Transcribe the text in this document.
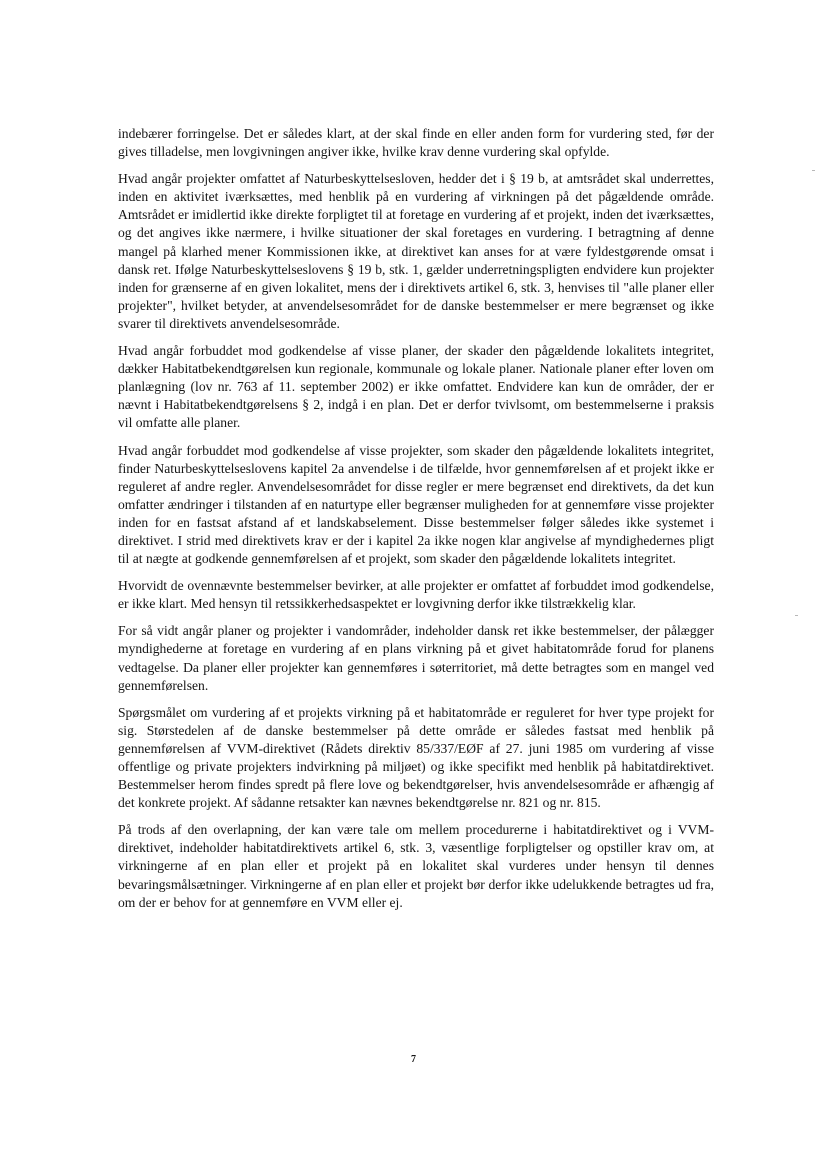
indebærer forringelse. Det er således klart, at der skal finde en eller anden form for vurdering sted, før der gives tilladelse, men lovgivningen angiver ikke, hvilke krav denne vurdering skal opfylde.

Hvad angår projekter omfattet af Naturbeskyttelsesloven, hedder det i § 19 b, at amtsrådet skal underrettes, inden en aktivitet iværksættes, med henblik på en vurdering af virkningen på det pågældende område. Amtsrådet er imidlertid ikke direkte forpligtet til at foretage en vurdering af et projekt, inden det iværksættes, og det angives ikke nærmere, i hvilke situationer der skal foretages en vurdering. I betragtning af denne mangel på klarhed mener Kommissionen ikke, at direktivet kan anses for at være fyldestgørende omsat i dansk ret. Ifølge Naturbeskyttelseslovens § 19 b, stk. 1, gælder underretningspligten endvidere kun projekter inden for grænserne af en given lokalitet, mens der i direktivets artikel 6, stk. 3, henvises til "alle planer eller projekter", hvilket betyder, at anvendelsesområdet for de danske bestemmelser er mere begrænset og ikke svarer til direktivets anvendelsesområde.

Hvad angår forbuddet mod godkendelse af visse planer, der skader den pågældende lokalitets integritet, dækker Habitatbekendtgørelsen kun regionale, kommunale og lokale planer. Nationale planer efter loven om planlægning (lov nr. 763 af 11. september 2002) er ikke omfattet. Endvidere kan kun de områder, der er nævnt i Habitatbekendtgørelsens § 2, indgå i en plan. Det er derfor tvivlsomt, om bestemmelserne i praksis vil omfatte alle planer.

Hvad angår forbuddet mod godkendelse af visse projekter, som skader den pågældende lokalitets integritet, finder Naturbeskyttelseslovens kapitel 2a anvendelse i de tilfælde, hvor gennemførelsen af et projekt ikke er reguleret af andre regler. Anvendelsesområdet for disse regler er mere begrænset end direktivets, da det kun omfatter ændringer i tilstanden af en naturtype eller begrænser muligheden for at gennemføre visse projekter inden for en fastsat afstand af et landskabselement. Disse bestemmelser følger således ikke systemet i direktivet. I strid med direktivets krav er der i kapitel 2a ikke nogen klar angivelse af myndighedernes pligt til at nægte at godkende gennemførelsen af et projekt, som skader den pågældende lokalitets integritet.

Hvorvidt de ovennævnte bestemmelser bevirker, at alle projekter er omfattet af forbuddet imod godkendelse, er ikke klart. Med hensyn til retssikkerhedsaspektet er lovgivning derfor ikke tilstrækkelig klar.

For så vidt angår planer og projekter i vandområder, indeholder dansk ret ikke bestemmelser, der pålægger myndighederne at foretage en vurdering af en plans virkning på et givet habitatområde forud for planens vedtagelse. Da planer eller projekter kan gennemføres i søterritoriet, må dette betragtes som en mangel ved gennemførelsen.

Spørgsmålet om vurdering af et projekts virkning på et habitatområde er reguleret for hver type projekt for sig. Størstedelen af de danske bestemmelser på dette område er således fastsat med henblik på gennemførelsen af VVM-direktivet (Rådets direktiv 85/337/EØF af 27. juni 1985 om vurdering af visse offentlige og private projekters indvirkning på miljøet) og ikke specifikt med henblik på habitatdirektivet. Bestemmelser herom findes spredt på flere love og bekendtgørelser, hvis anvendelsesområde er afhængig af det konkrete projekt. Af sådanne retsakter kan nævnes bekendtgørelse nr. 821 og nr. 815.

På trods af den overlapning, der kan være tale om mellem procedurerne i habitatdirektivet og i VVM-direktivet, indeholder habitatdirektivets artikel 6, stk. 3, væsentlige forpligtelser og opstiller krav om, at virkningerne af en plan eller et projekt på en lokalitet skal vurderes under hensyn til dennes bevaringsmålsætninger. Virkningerne af en plan eller et projekt bør derfor ikke udelukkende betragtes ud fra, om der er behov for at gennemføre en VVM eller ej.

7
